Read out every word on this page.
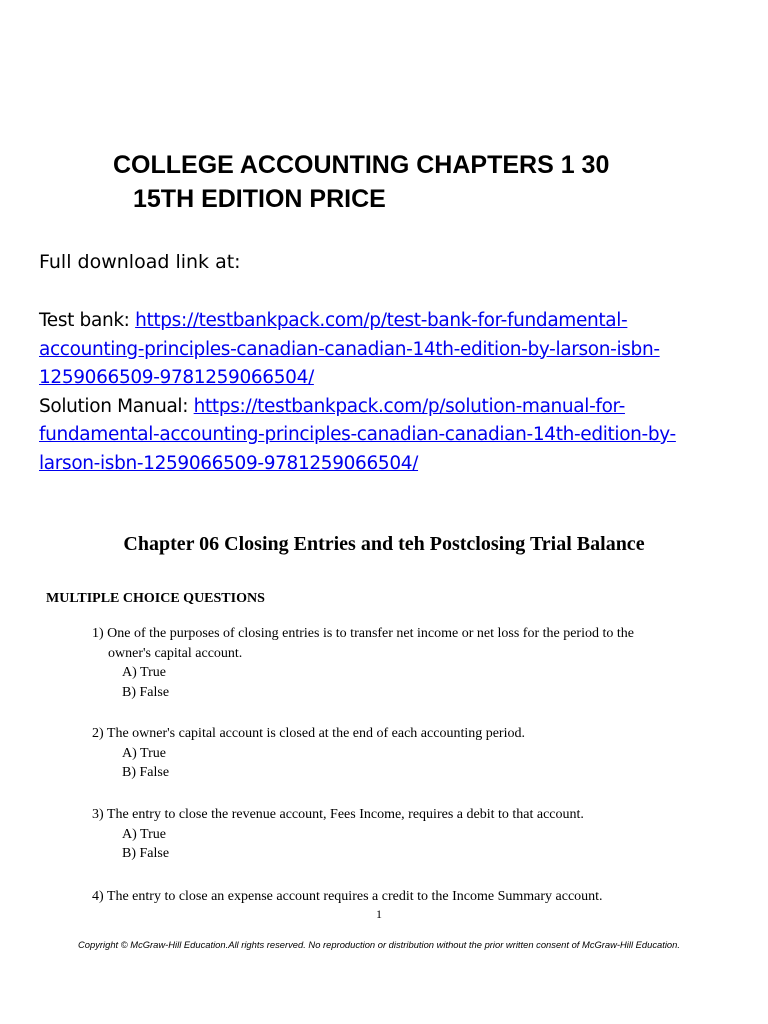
COLLEGE ACCOUNTING CHAPTERS 1 30
15TH EDITION PRICE

Full download link at:

Test bank: https://testbankpack.com/p/test-bank-for-fundamental-
accounting-principles-canadian-canadian-14th-edition-by-larson-isbn-
1259066509-9781259066504/
Solution Manual: https://testbankpack.com/p/solution-manual-for-
fundamental-accounting-principles-canadian-canadian-14th-edition-by-
larson-isbn-1259066509-9781259066504/
Chapter 06 Closing Entries and teh Postclosing Trial Balance
MULTIPLE CHOICE QUESTIONS
1) One of the purposes of closing entries is to transfer net income or net loss for the period to the
owner's capital account.
A) True
B) False
2) The owner's capital account is closed at the end of each accounting period.
A) True
B) False
3) The entry to close the revenue account, Fees Income, requires a debit to that account.
A) True
B) False
4) The entry to close an expense account requires a credit to the Income Summary account.
1
Copyright © McGraw-Hill Education.All rights reserved. No reproduction or distribution without the prior written consent of McGraw-Hill Education.
